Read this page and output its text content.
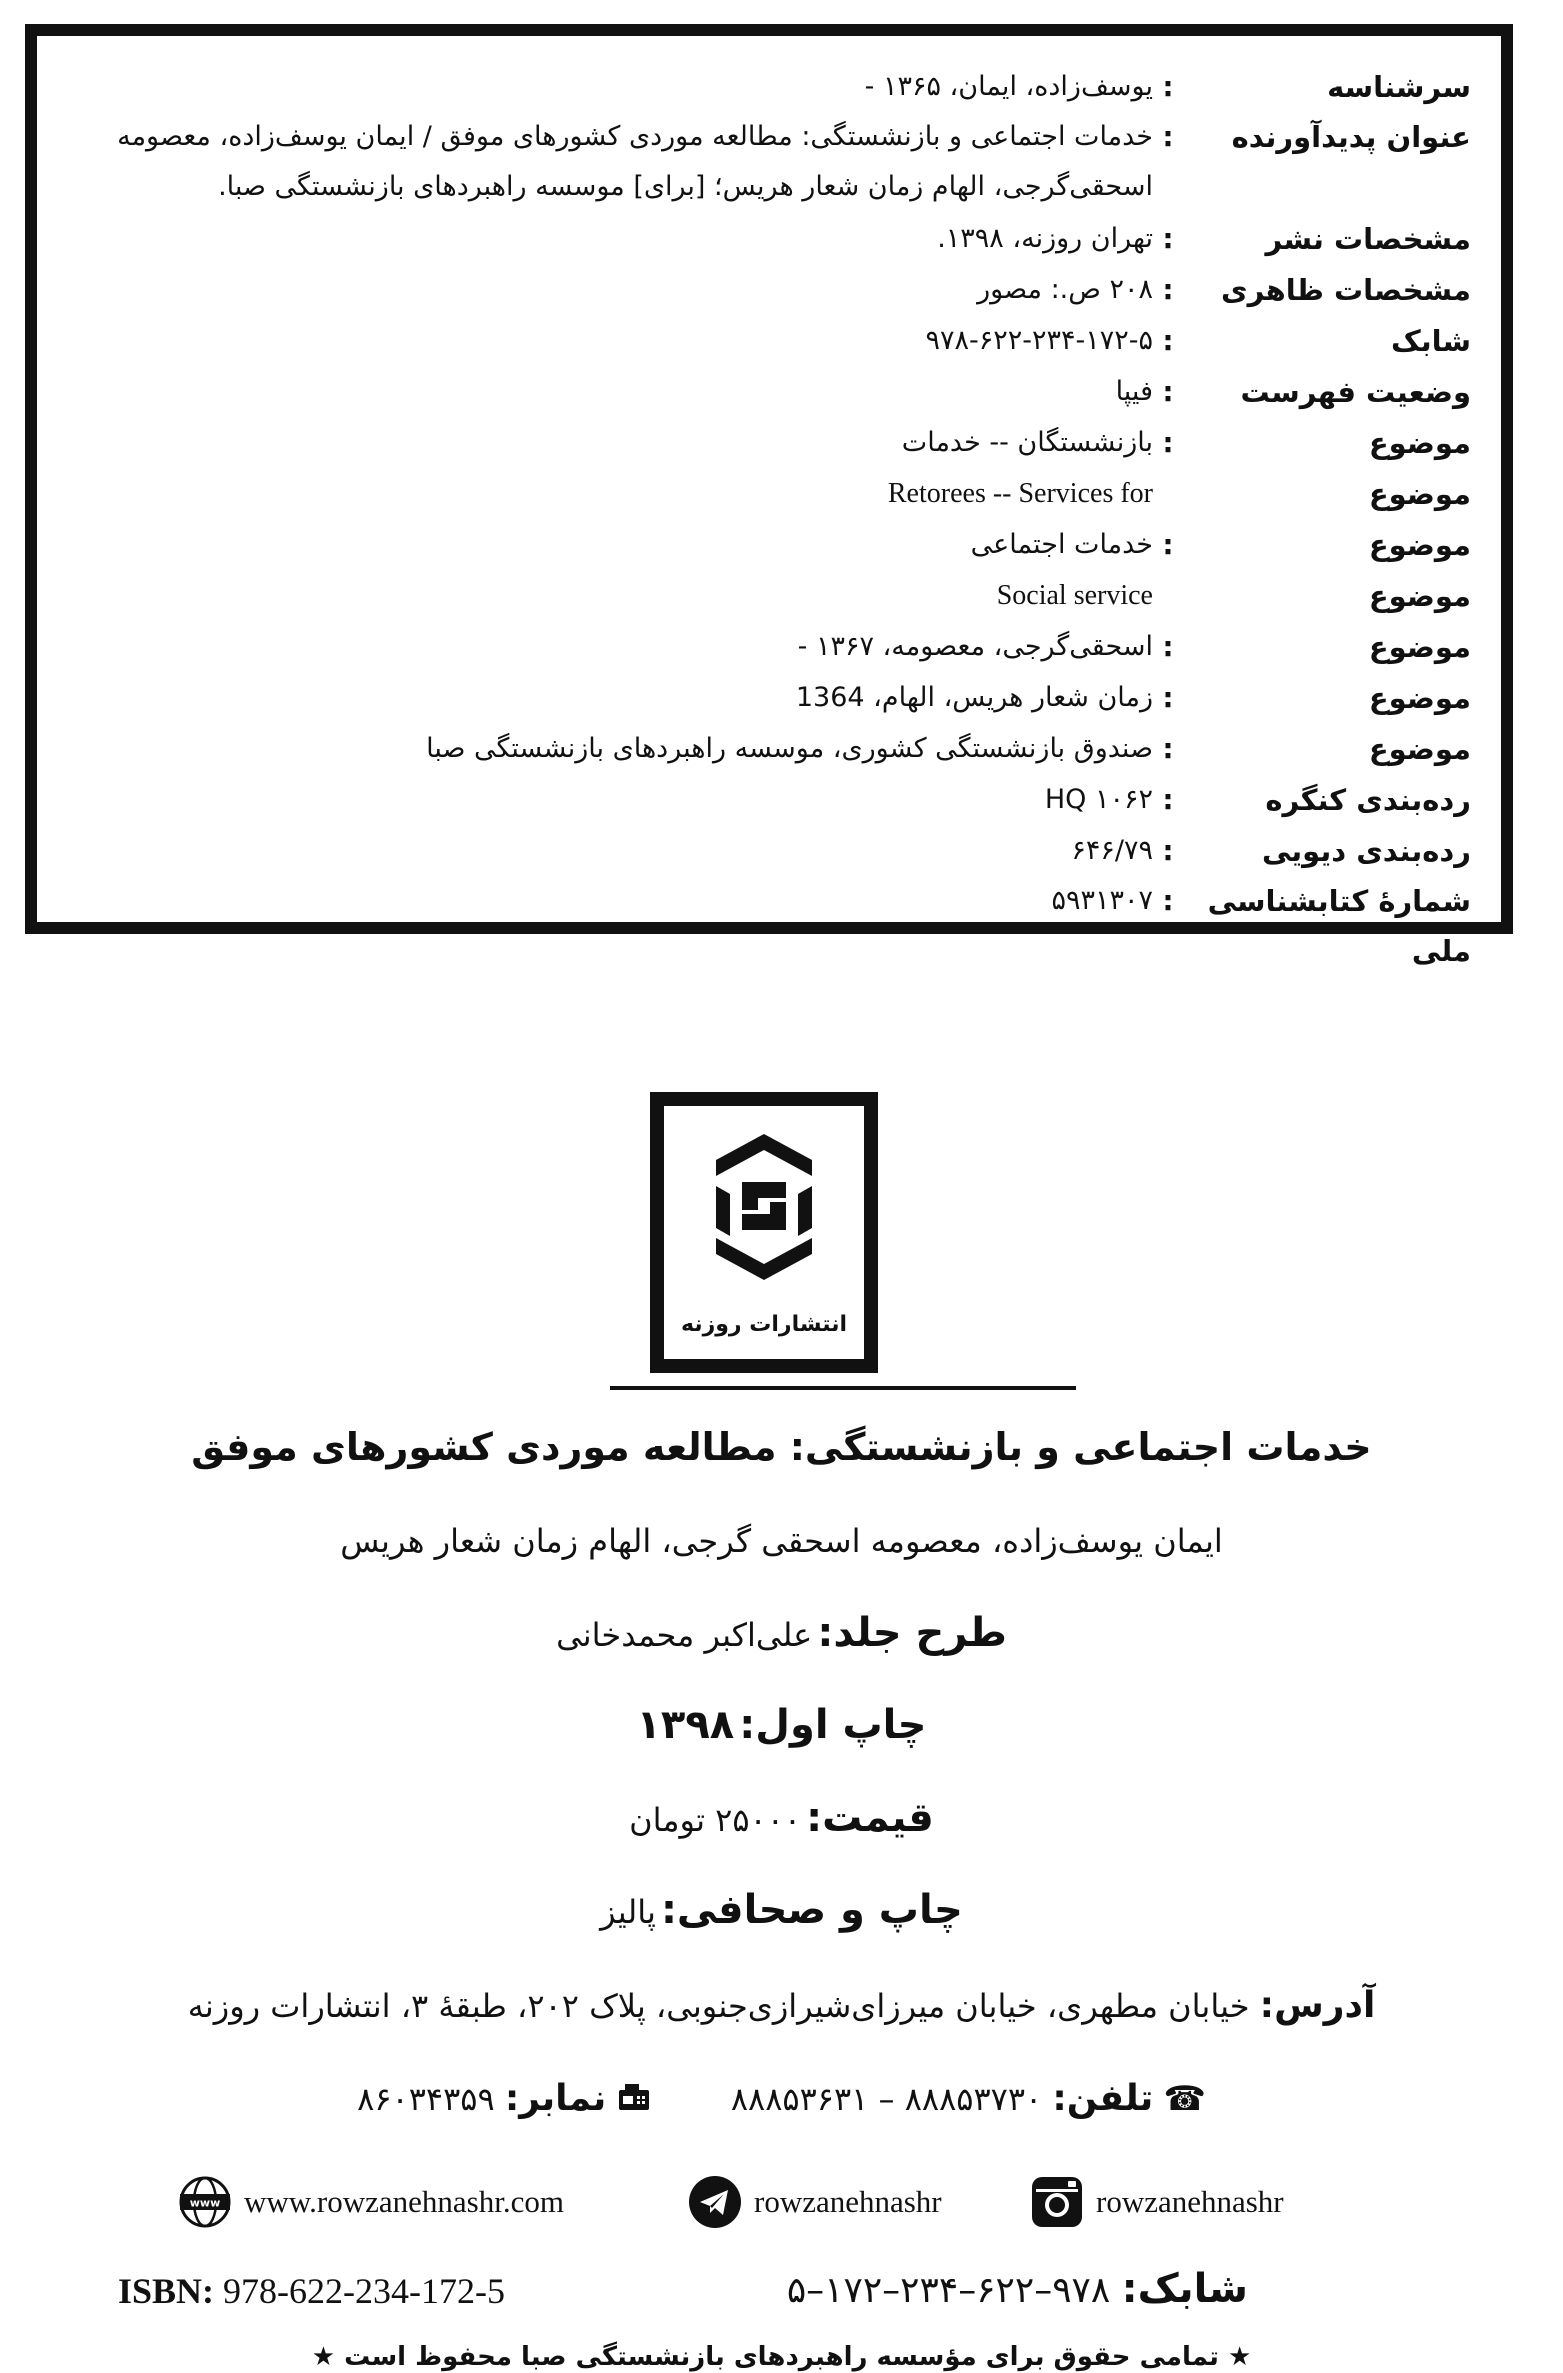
سرشناسه
:
یوسف‌زاده، ایمان، ۱۳۶۵ -
عنوان پدیدآورنده
:
خدمات اجتماعی و بازنشستگی: مطالعه موردی کشورهای موفق / ایمان یوسف‌زاده، معصومه
اسحقی‌گرجی، الهام زمان شعار هریس؛ [برای] موسسه راهبردهای بازنشستگی صبا.
مشخصات نشر
:
تهران روزنه، ۱۳۹۸.
مشخصات ظاهری
:
۲۰۸ ص.: مصور
شابک
:
۹۷۸-۶۲۲-۲۳۴-۱۷۲-۵
وضعیت فهرست
:
فیپا
موضوع
:
بازنشستگان -- خدمات
موضوع
Retorees -- Services for
موضوع
:
خدمات اجتماعی
موضوع
Social service
موضوع
:
اسحقی‌گرجی، معصومه، ۱۳۶۷ -
موضوع
:
زمان شعار هریس، الهام، 1364
موضوع
:
صندوق بازنشستگی کشوری، موسسه راهبردهای بازنشستگی صبا
رده‌بندی کنگره
:
HQ ۱۰۶۲
رده‌بندی دیویی
:
۶۴۶/۷۹
شمارهٔ کتابشناسی ملی
:
۵۹۳۱۳۰۷
انتشارات روزنه
خدمات اجتماعی و بازنشستگی: مطالعه موردی کشورهای موفق
ایمان یوسف‌زاده، معصومه اسحقی گرجی، الهام زمان شعار هریس
طرح جلد: علی‌اکبر محمدخانی
چاپ اول: ۱۳۹۸
قیمت: ۲۵۰۰۰ تومان
چاپ و صحافی: پالیز
آدرس: خیابان مطهری، خیابان میرزای‌شیرازی‌جنوبی، پلاک ۲۰۲، طبقهٔ ۳، انتشارات روزنه
☎ تلفن: ۸۸۸۵۳۷۳۰ – ۸۸۸۵۳۶۳۱   نمابر: ۸۶۰۳۴۳۵۹
www www.rowzanehnashr.com	rowzanehnashr	rowzanehnashr
ISBN: 978-622-234-172-5	شابک: ۹۷۸–۶۲۲–۲۳۴–۱۷۲–۵
★ تمامی حقوق برای مؤسسه راهبردهای بازنشستگی صبا محفوظ است ★
